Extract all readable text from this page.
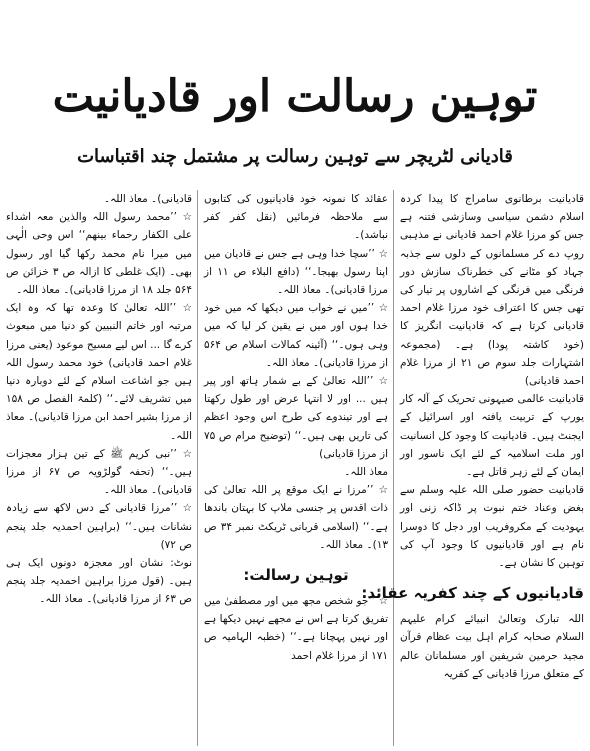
توہین رسالت اور قادیانیت
قادیانی لٹریچر سے توہین رسالت پر مشتمل چند اقتباسات

قادیانیت برطانوی سامراج کا پیدا کردہ اسلام دشمن سیاسی وسازشی فتنہ ہے جس کو مرزا غلام احمد قادیانی نے مذہبی روپ دے کر مسلمانوں کے دلوں سے جذبہ جہاد کو مٹانے کی خطرناک سازش دور فرنگی میں فرنگی کے اشاروں پر تیار کی تھی جس کا اعتراف خود مرزا غلام احمد قادیانی کرتا ہے کہ قادیانیت انگریز کا (خود کاشتہ پودا) ہے۔ (مجموعہ اشتہارات جلد سوم ص ۲۱ از مرزا غلام احمد قادیانی)

قادیانیت عالمی صیہونی تحریک کے آلہ کار یورپ کے تربیت یافتہ اور اسرائیل کے ایجنٹ ہیں۔ قادیانیت کا وجود کل انسانیت اور ملت اسلامیہ کے لئے ایک ناسور اور ایمان کے لئے زہر قاتل ہے۔

قادیانیت حضور صلی اللہ علیہ وسلم سے بغض وعناد ختم نبوت پر ڈاکہ زنی اور یہودیت کے مکروفریب اور دجل کا دوسرا نام ہے اور قادیانیوں کا وجود آپ کی توہین کا نشان ہے۔

قادیانیوں کے چند کفریہ عقائد:

اللہ تبارک وتعالیٰ انبیائے کرام علیہم السلام صحابہ کرام اہل بیت عظام قرآن مجید حرمین شریفین اور مسلمانان عالم کے متعلق مرزا قادیانی کے کفریہ

عقائد کا نمونہ خود قادیانیوں کی کتابوں سے ملاحظہ فرمائیں (نقل کفر کفر نباشد)۔

☆ ’’سچا خدا وہی ہے جس نے قادیان میں اپنا رسول بھیجا۔‘‘ (دافع البلاء ص ۱۱ از مرزا قادیانی)۔ معاذ اللہ۔

☆ ’’میں نے خواب میں دیکھا کہ میں خود خدا ہوں اور میں نے یقین کر لیا کہ میں وہی ہوں۔‘‘ (آئینہ کمالات اسلام ص ۵۶۴ از مرزا قادیانی)۔ معاذ اللہ۔

☆ ’’اللہ تعالیٰ کے بے شمار ہاتھ اور پیر ہیں ... اور لا انتہا عرض اور طول رکھتا ہے اور تیندوے کی طرح اس وجود اعظم کی تاریں بھی ہیں۔‘‘ (توضیح مرام ص ۷۵ از مرزا قادیانی)

معاذ اللہ۔

☆ ’’مرزا نے ایک موقع پر اللہ تعالیٰ کی ذات اقدس پر جنسی ملاپ کا بہتان باندھا ہے۔‘‘ (اسلامی قربانی ٹریکٹ نمبر ۳۴ ص ۱۳)۔ معاذ اللہ۔

توہین رسالت:

☆ ’’جو شخص مجھ میں اور مصطفیٰ میں تفریق کرتا ہے اس نے مجھے نہیں دیکھا ہے اور نہیں پہچانا ہے۔‘‘ (خطبہ الہامیہ ص ۱۷۱ از مرزا غلام احمد

قادیانی)۔ معاذ اللہ۔

☆ ’’محمد رسول اللہ والذین معہ اشداء علی الکفار رحماء بینھم‘‘ اس وحی الٰہی میں میرا نام محمد رکھا گیا اور رسول بھی۔ (ایک غلطی کا ازالہ ص ۳ خزائن ص ۵۶۴ جلد ۱۸ از مرزا قادیانی)۔ معاذ اللہ۔

☆ ’’اللہ تعالیٰ کا وعدہ تھا کہ وہ ایک مرتبہ اور خاتم النبیین کو دنیا میں مبعوث کرے گا ... اس لیے مسیح موعود (یعنی مرزا غلام احمد قادیانی) خود محمد رسول اللہ ہیں جو اشاعت اسلام کے لئے دوبارہ دنیا میں تشریف لائے۔‘‘ (کلمۃ الفصل ص ۱۵۸ از مرزا بشیر احمد ابن مرزا قادیانی)۔ معاذ اللہ۔

☆ ’’نبی کریم ﷺ کے تین ہزار معجزات ہیں۔‘‘ (تحفہ گولڑویہ ص ۶۷ از مرزا قادیانی)۔ معاذ اللہ۔

☆ ’’مرزا قادیانی کے دس لاکھ سے زیادہ نشانات ہیں۔‘‘ (براہین احمدیہ جلد پنجم ص ۷۲)

نوٹ: نشان اور معجزہ دونوں ایک ہی ہیں۔ (قول مرزا براہین احمدیہ جلد پنجم ص ۶۳ از مرزا قادیانی)۔ معاذ اللہ۔
